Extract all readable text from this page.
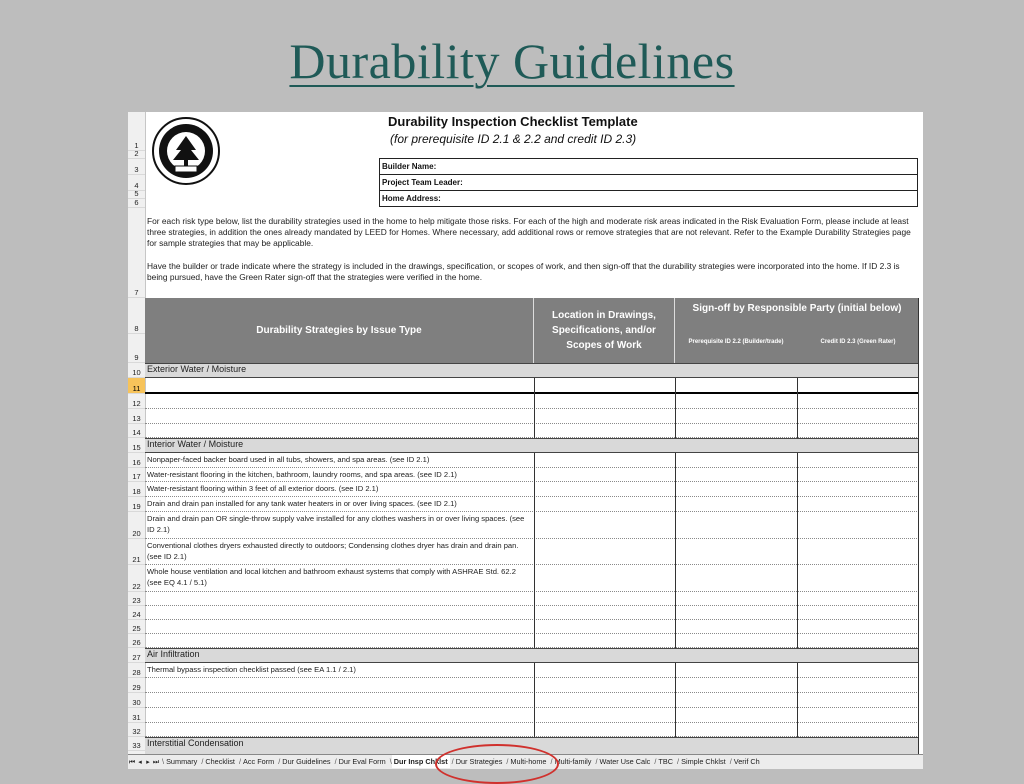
Durability Guidelines
1
2
3
4
5
6
7
8
9
10
11
12
13
14
15
16
17
18
19
20
21
22
23
24
25
26
27
28
29
30
31
32
33
Durability Inspection Checklist Template
(for prerequisite ID 2.1 & 2.2 and credit ID 2.3)
Builder Name:
Project Team Leader:
Home Address:

For each risk type below, list the durability strategies used in the home to help mitigate those risks. For each of the high and moderate risk areas indicated in the Risk Evaluation Form, please include at least three strategies, in addition the ones already mandated by LEED for Homes. Where necessary, add additional rows or remove strategies that are not relevant. Refer to the Example Durability Strategies page for sample strategies that may be applicable.

Have the builder or trade indicate where the strategy is included in the drawings, specification, or scopes of work, and then sign-off that the durability strategies were incorporated into the home. If ID 2.3 is being pursued, have the Green Rater sign-off that the strategies were verified in the home.

Durability Strategies by Issue Type
Location in Drawings, Specifications, and/or Scopes of Work
Sign-off by Responsible Party (initial below)
Prerequisite ID 2.2 (Builder/trade)	Credit ID 2.3 (Green Rater)
Exterior Water / Moisture
Interior Water / Moisture
Nonpaper-faced backer board used in all tubs, showers, and spa areas. (see ID 2.1)
Water-resistant flooring in the kitchen, bathroom, laundry rooms, and spa areas. (see ID 2.1)
Water-resistant flooring within 3 feet of all exterior doors. (see ID 2.1)
Drain and drain pan installed for any tank water heaters in or over living spaces. (see ID 2.1)
Drain and drain pan OR single-throw supply valve installed for any clothes washers in or over living spaces. (see ID 2.1)
Conventional clothes dryers exhausted directly to outdoors; Condensing clothes dryer has drain and drain pan. (see ID 2.1)
Whole house ventilation and local kitchen and bathroom exhaust systems that comply with ASHRAE Std. 62.2 (see EQ 4.1 / 5.1)
Air Infiltration
Thermal bypass inspection checklist passed (see EA 1.1 / 2.1)
Interstitial Condensation
⏮ ◂ ▸ ⏭ \ Summary / Checklist / Acc Form / Dur Guidelines / Dur Eval Form \ Dur Insp Chklst / Dur Strategies / Multi-home / Multi-family / Water Use Calc / TBC / Simple Chklst / Verif Ch
